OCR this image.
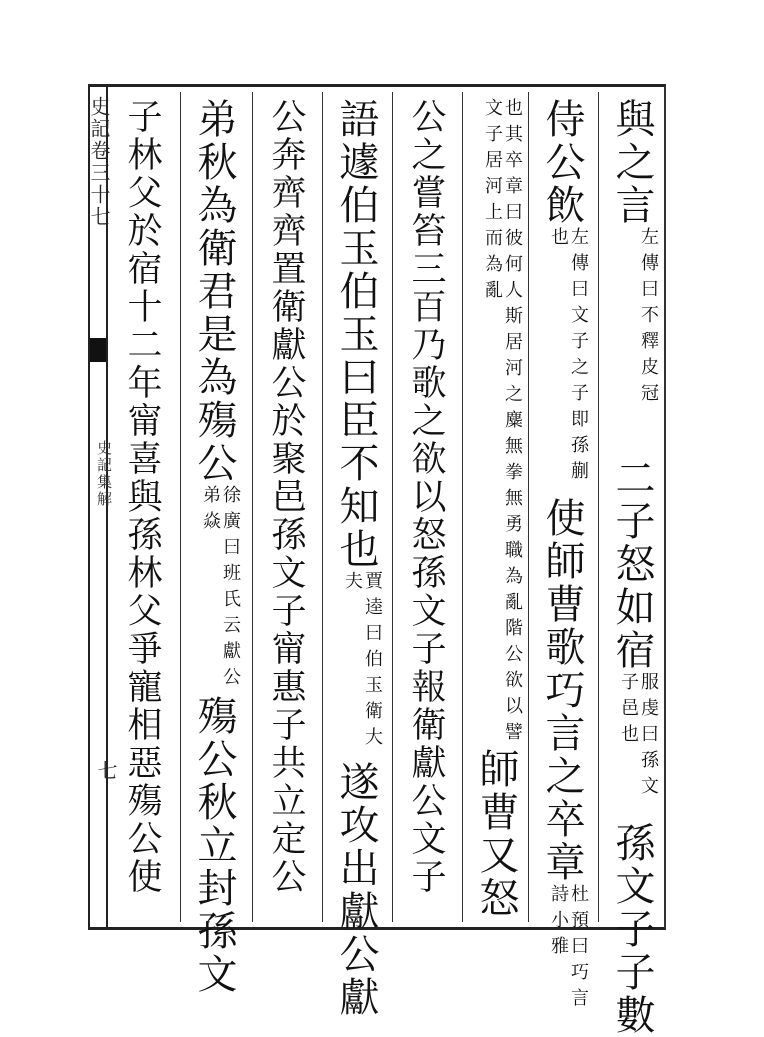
史記卷三十七
史記集解
七
與之言左傳曰不釋皮冠二子怒如宿服虔曰孫文子邑也孫文子子數
侍公飲左傳曰文子之子即孫蒯也使師曹歌巧言之卒章杜預曰巧言詩小雅
也其卒章曰彼何人斯居河之麋無拳無勇職為亂階公欲以譬文子居河上而為亂師曹又怒
公之嘗笞三百乃歌之欲以怒孫文子報衛獻公文子
語遽伯玉伯玉曰臣不知也賈逵曰伯玉衛大夫遂攻出獻公獻
公奔齊齊置衛獻公於聚邑孫文子甯惠子共立定公
弟秋為衛君是為殤公徐廣曰班氏云獻公弟焱殤公秋立封孫文
子林父於宿十二年甯喜與孫林父爭寵相惡殤公使
